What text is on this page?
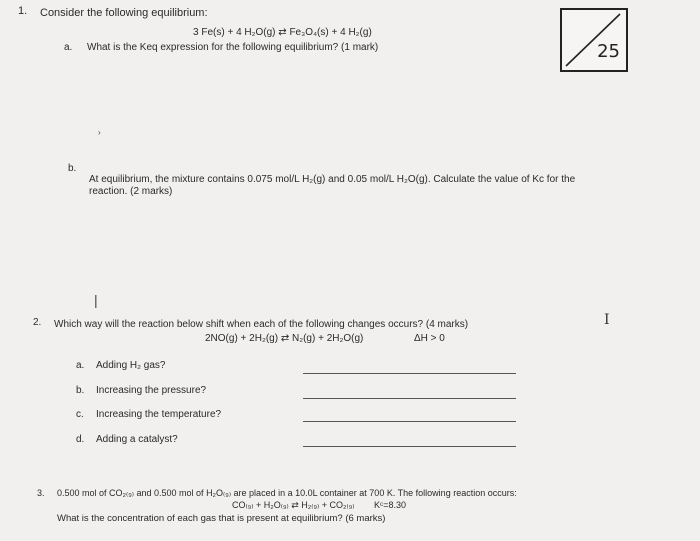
1. Consider the following equilibrium:
3 Fe(s) + 4 H₂O(g) ⇄ Fe₃O₄(s) + 4 H₂(g)
a. What is the Keq expression for the following equilibrium? (1 mark)	25
›
b.
At equilibrium, the mixture contains 0.075 mol/L H₂(g) and 0.05 mol/L H₂O(g). Calculate the value of Kc for the
reaction. (2 marks)
|
I
2. Which way will the reaction below shift when each of the following changes occurs? (4 marks)
2NO(g) + 2H₂(g) ⇄ N₂(g) + 2H₂O(g)	ΔH > 0
a. Adding H₂ gas?
b. Increasing the pressure?
c. Increasing the temperature?
d. Adding a catalyst?
3. 0.500 mol of CO₂₍₉₎ and 0.500 mol of H₂O₍₉₎ are placed in a 10.0L container at 700 K. The following reaction occurs:
CO₍₉₎ + H₂O₍₉₎ ⇄ H₂₍₉₎ + CO₂₍₉₎ Kᶜ=8.30
What is the concentration of each gas that is present at equilibrium? (6 marks)
